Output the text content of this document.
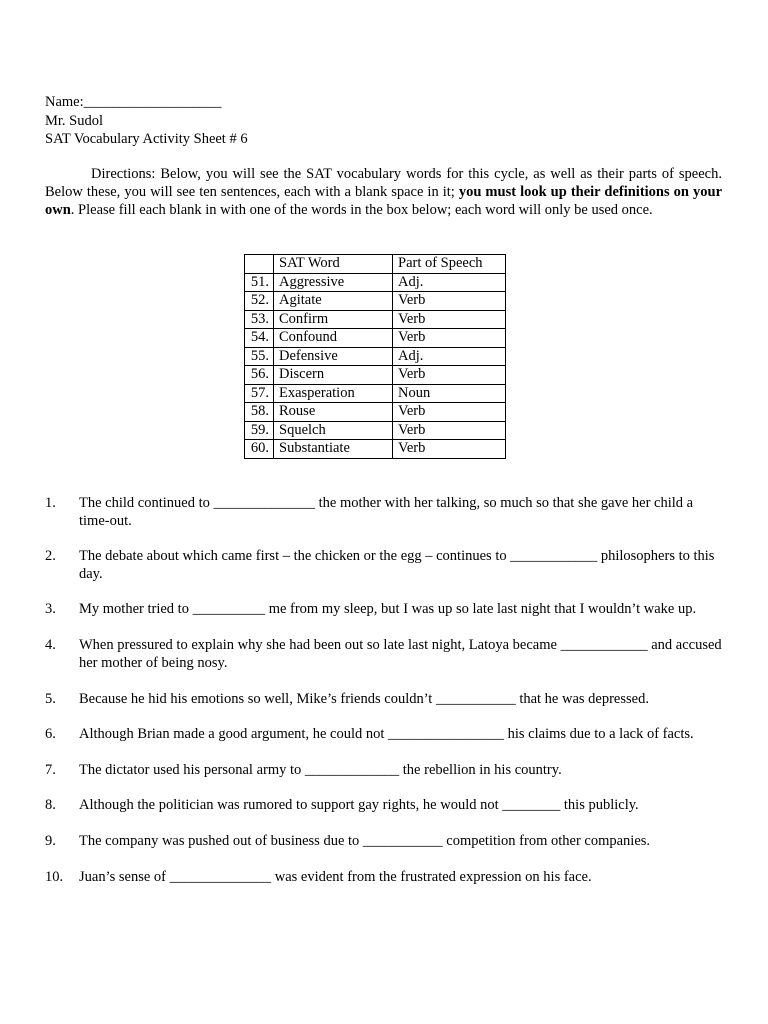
Name:___________________
Mr. Sudol
SAT Vocabulary Activity Sheet # 6
Directions: Below, you will see the SAT vocabulary words for this cycle, as well as their parts of speech. Below these, you will see ten sentences, each with a blank space in it; you must look up their definitions on your own. Please fill each blank in with one of the words in the box below; each word will only be used once.
	SAT Word	Part of Speech
51.	Aggressive	Adj.
52.	Agitate	Verb
53.	Confirm	Verb
54.	Confound	Verb
55.	Defensive	Adj.
56.	Discern	Verb
57.	Exasperation	Noun
58.	Rouse	Verb
59.	Squelch	Verb
60.	Substantiate	Verb
1.	The child continued to ______________ the mother with her talking, so much so that she gave her child a time-out.
2.	The debate about which came first – the chicken or the egg – continues to ____________ philosophers to this day.
3.	My mother tried to __________ me from my sleep, but I was up so late last night that I wouldn’t wake up.
4.	When pressured to explain why she had been out so late last night, Latoya became ____________ and accused her mother of being nosy.
5.	Because he hid his emotions so well, Mike’s friends couldn’t ___________ that he was depressed.
6.	Although Brian made a good argument, he could not ________________ his claims due to a lack of facts.
7.	The dictator used his personal army to _____________ the rebellion in his country.
8.	Although the politician was rumored to support gay rights, he would not ________ this publicly.
9.	The company was pushed out of business due to ___________ competition from other companies.
10.	Juan’s sense of ______________ was evident from the frustrated expression on his face.
